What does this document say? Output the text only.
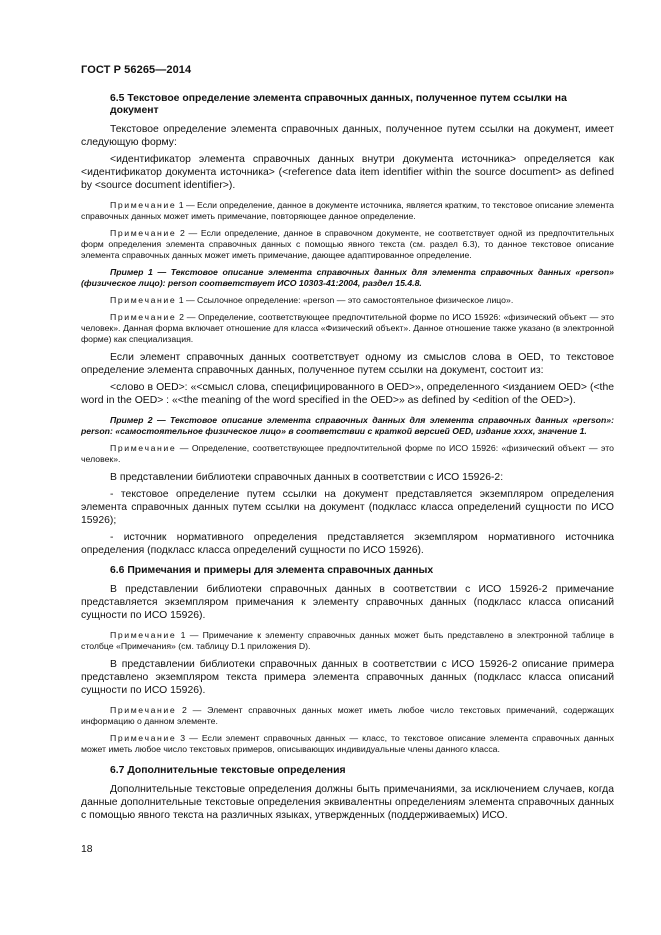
ГОСТ Р 56265—2014
6.5 Текстовое определение элемента справочных данных, полученное путем ссылки на документ
Текстовое определение элемента справочных данных, полученное путем ссылки на документ, имеет следующую форму:
<идентификатор элемента справочных данных внутри документа источника> определяется как <идентификатор документа источника> (<reference data item identifier within the source document> as defined by <source document identifier>).
Примечание 1 — Если определение, данное в документе источника, является кратким, то текстовое описание элемента справочных данных может иметь примечание, повторяющее данное определение.
Примечание 2 — Если определение, данное в справочном документе, не соответствует одной из предпочтительных форм определения элемента справочных данных с помощью явного текста (см. раздел 6.3), то данное текстовое описание элемента справочных данных может иметь примечание, дающее адаптированное определение.
Пример 1 — Текстовое описание элемента справочных данных для элемента справочных данных «person» (физическое лицо): person соответствует ИСО 10303-41:2004, раздел 15.4.8.
Примечание 1 — Ссылочное определение: «person — это самостоятельное физическое лицо».
Примечание 2 — Определение, соответствующее предпочтительной форме по ИСО 15926: «физический объект — это человек». Данная форма включает отношение для класса «Физический объект». Данное отношение также указано (в электронной форме) как специализация.
Если элемент справочных данных соответствует одному из смыслов слова в OED, то текстовое определение элемента справочных данных, полученное путем ссылки на документ, состоит из:
<слово в OED>: «<смысл слова, специфицированного в OED>», определенного <изданием OED> (<the word in the OED> : «<the meaning of the word specified in the OED>» as defined by <edition of the OED>).
Пример 2 — Текстовое описание элемента справочных данных для элемента справочных данных «person»: person: «самостоятельное физическое лицо» в соответствии с краткой версией OED, издание хххх, значение 1.
Примечание — Определение, соответствующее предпочтительной форме по ИСО 15926: «физический объект — это человек».
В представлении библиотеки справочных данных в соответствии с ИСО 15926-2:
- текстовое определение путем ссылки на документ представляется экземпляром определения элемента справочных данных путем ссылки на документ (подкласс класса определений сущности по ИСО 15926);
- источник нормативного определения представляется экземпляром нормативного источника определения (подкласс класса определений сущности по ИСО 15926).
6.6 Примечания и примеры для элемента справочных данных
В представлении библиотеки справочных данных в соответствии с ИСО 15926-2 примечание представляется экземпляром примечания к элементу справочных данных (подкласс класса описаний сущности по ИСО 15926).
Примечание 1 — Примечание к элементу справочных данных может быть представлено в электронной таблице в столбце «Примечания» (см. таблицу D.1 приложения D).
В представлении библиотеки справочных данных в соответствии с ИСО 15926-2 описание примера представлено экземпляром текста примера элемента справочных данных (подкласс класса описаний сущности по ИСО 15926).
Примечание 2 — Элемент справочных данных может иметь любое число текстовых примечаний, содержащих информацию о данном элементе.
Примечание 3 — Если элемент справочных данных — класс, то текстовое описание элемента справочных данных может иметь любое число текстовых примеров, описывающих индивидуальные члены данного класса.
6.7 Дополнительные текстовые определения
Дополнительные текстовые определения должны быть примечаниями, за исключением случаев, когда данные дополнительные текстовые определения эквивалентны определениям элемента справочных данных с помощью явного текста на различных языках, утвержденных (поддерживаемых) ИСО.
18
